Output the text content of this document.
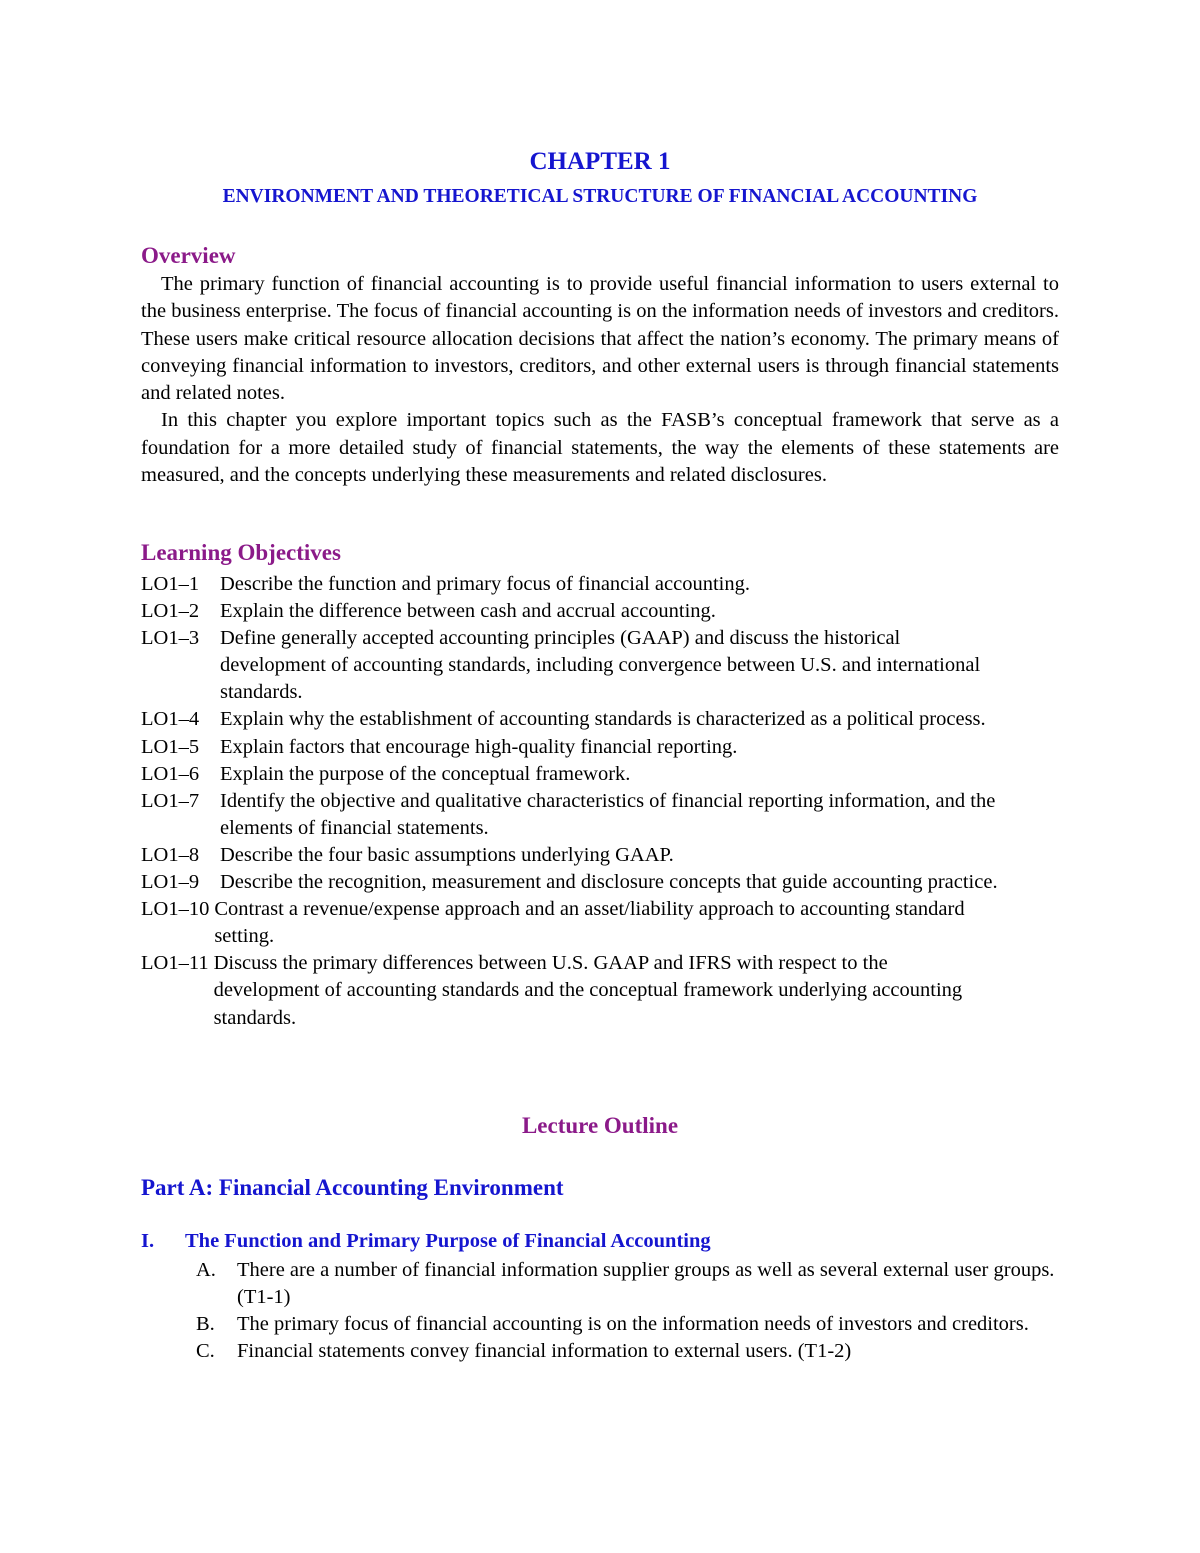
CHAPTER 1
ENVIRONMENT AND THEORETICAL STRUCTURE OF FINANCIAL ACCOUNTING
Overview

The primary function of financial accounting is to provide useful financial information to users external to the business enterprise. The focus of financial accounting is on the information needs of investors and creditors. These users make critical resource allocation decisions that affect the nation’s economy. The primary means of conveying financial information to investors, creditors, and other external users is through financial statements and related notes.

In this chapter you explore important topics such as the FASB’s conceptual framework that serve as a foundation for a more detailed study of financial statements, the way the elements of these statements are measured, and the concepts underlying these measurements and related disclosures.

Learning Objectives
LO1–1	Describe the function and primary focus of financial accounting.
LO1–2	Explain the difference between cash and accrual accounting.
LO1–3	Define generally accepted accounting principles (GAAP) and discuss the historical development of accounting standards, including convergence between U.S. and international standards.
LO1–4	Explain why the establishment of accounting standards is characterized as a political process.
LO1–5	Explain factors that encourage high-quality financial reporting.
LO1–6	Explain the purpose of the conceptual framework.
LO1–7	Identify the objective and qualitative characteristics of financial reporting information, and the elements of financial statements.
LO1–8	Describe the four basic assumptions underlying GAAP.
LO1–9	Describe the recognition, measurement and disclosure concepts that guide accounting practice.
LO1–10 Contrast a revenue/expense approach and an asset/liability approach to accounting standard setting.
LO1–11 Discuss the primary differences between U.S. GAAP and IFRS with respect to the development of accounting standards and the conceptual framework underlying accounting standards.
Lecture Outline
Part A: Financial Accounting Environment
I.	The Function and Primary Purpose of Financial Accounting
A.	There are a number of financial information supplier groups as well as several external user groups. (T1-1)
B.	The primary focus of financial accounting is on the information needs of investors and creditors.
C.	Financial statements convey financial information to external users. (T1-2)
